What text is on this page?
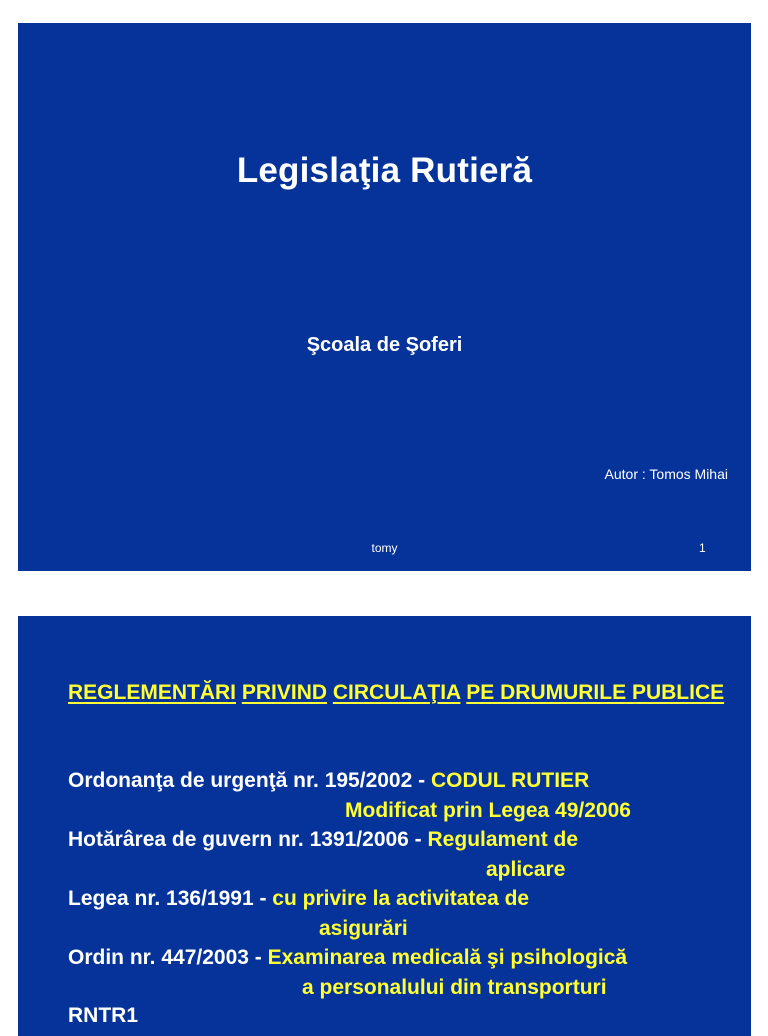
Legislaţia Rutieră
Şcoala de Şoferi
Autor : Tomos Mihai
tomy	1
REGLEMENTĂRI PRIVIND CIRCULAŢIA PE DRUMURILE PUBLICE
Ordonanţa de urgenţă nr. 195/2002 - CODUL RUTIER
Modificat prin Legea 49/2006
Hotărârea de guvern nr. 1391/2006 - Regulament de
aplicare
Legea nr. 136/1991 - cu privire la activitatea de
asigurări
Ordin nr. 447/2003 - Examinarea medicală şi psihologică
a personalului din transporturi
RNTR1
